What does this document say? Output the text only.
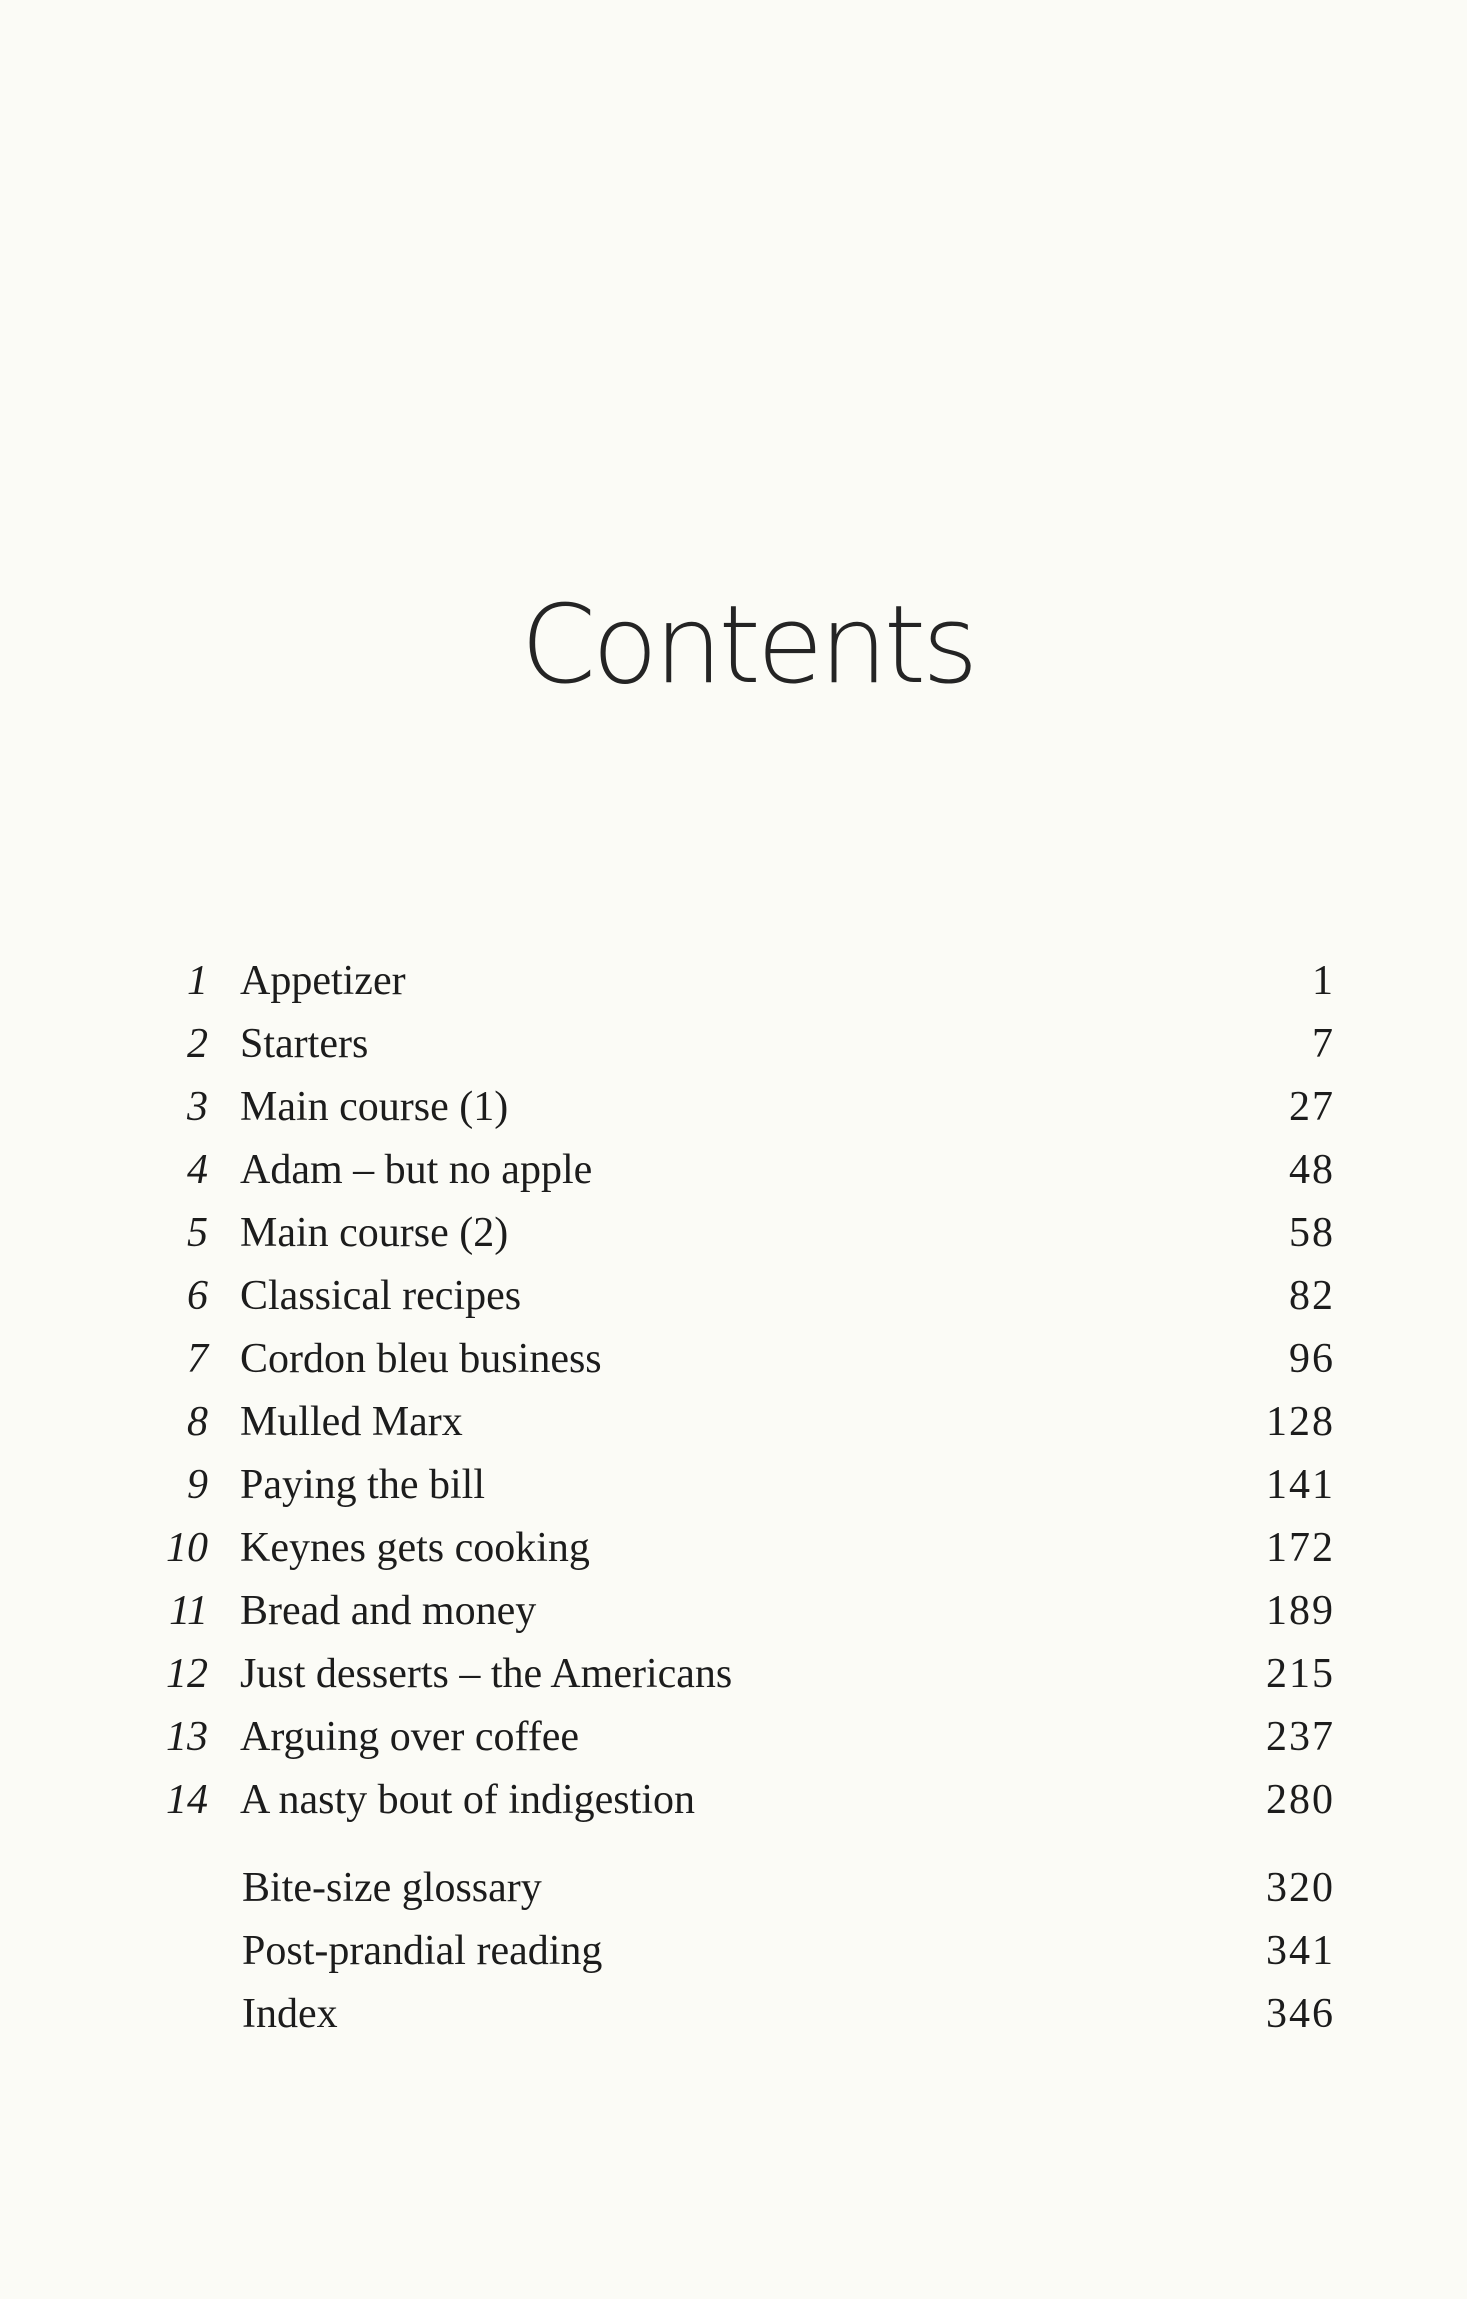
Contents
1 Appetizer	1
2 Starters	7
3 Main course (1)	27
4 Adam – but no apple	48
5 Main course (2)	58
6 Classical recipes	82
7 Cordon bleu business	96
8 Mulled Marx	128
9 Paying the bill	141
10 Keynes gets cooking	172
11 Bread and money	189
12 Just desserts – the Americans	215
13 Arguing over coffee	237
14 A nasty bout of indigestion	280
Bite-size glossary	320
Post-prandial reading	341
Index	346
